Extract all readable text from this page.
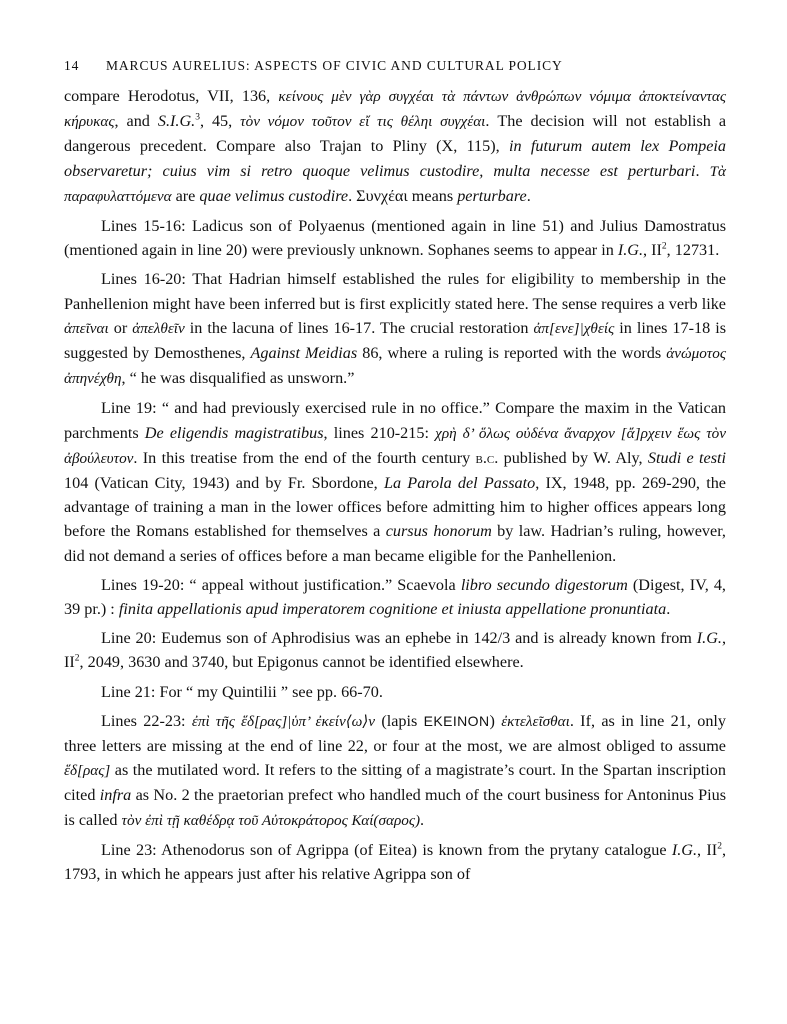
14 MARCUS AURELIUS: ASPECTS OF CIVIC AND CULTURAL POLICY

compare Herodotus, VII, 136, κείνους μὲν γὰρ συγχέαι τὰ πάντων ἀνθρώπων νόμιμα ἀποκτείναντας κήρυκας, and S.I.G.$^3$, 45, τὸν νόμον τοῦτον εἴ τις θέληι συγχέαι. The decision will not establish a dangerous precedent. Compare also Trajan to Pliny (X, 115), in futurum autem lex Pompeia observaretur; cuius vim si retro quoque velimus custodire, multa necesse est perturbari. Τὰ παραφυλαττόμενα are quae velimus custodire. Συνχέαι means perturbare.

Lines 15-16: Ladicus son of Polyaenus (mentioned again in line 51) and Julius Damostratus (mentioned again in line 20) were previously unknown. Sophanes seems to appear in I.G., $II^2$, 12731.

Lines 16-20: That Hadrian himself established the rules for eligibility to membership in the Panhellenion might have been inferred but is first explicitly stated here. The sense requires a verb like ἀπεῖναι or ἀπελθεῖν in the lacuna of lines 16-17. The crucial restoration ἀπ[ενε]|χθείς in lines 17-18 is suggested by Demosthenes, Against Meidias 86, where a ruling is reported with the words ἀνώμοτος ἀπηνέχθη, “ he was disqualified as unsworn.”

Line 19: “ and had previously exercised rule in no office.” Compare the maxim in the Vatican parchments De eligendis magistratibus, lines 210-215: χρὴ δ’ ὅλως οὐδένα ἄναρχον [ἄ]ρχειν ἕως τὸν ἀβούλευτον. In this treatise from the end of the fourth century b.c. published by W. Aly, Studi e testi 104 (Vatican City, 1943) and by Fr. Sbordone, La Parola del Passato, IX, 1948, pp. 269-290, the advantage of training a man in the lower offices before admitting him to higher offices appears long before the Romans established for themselves a cursus honorum by law. Hadrian’s ruling, however, did not demand a series of offices before a man became eligible for the Panhellenion.

Lines 19-20: “ appeal without justification.” Scaevola libro secundo digestorum (Digest, IV, 4, 39 pr.) : finita appellationis apud imperatorem cognitione et iniusta appellatione pronuntiata.

Line 20: Eudemus son of Aphrodisius was an ephebe in 142/3 and is already known from I.G., $II^2$, 2049, 3630 and 3740, but Epigonus cannot be identified elsewhere.

Line 21: For “ my Quintilii ” see pp. 66-70.

Lines 22-23: ἐπὶ τῆς ἕδ[ρας]|ὑπ’ ἐκείν⟨ω⟩ν (lapis EKEINON) ἐκτελεῖσθαι. If, as in line 21, only three letters are missing at the end of line 22, or four at the most, we are almost obliged to assume ἕδ[ρας] as the mutilated word. It refers to the sitting of a magistrate’s court. In the Spartan inscription cited infra as No. 2 the praetorian prefect who handled much of the court business for Antoninus Pius is called τὸν ἐπὶ τῇ καθέδρᾳ τοῦ Αὐτοκράτορος Καί(σαρος).

Line 23: Athenodorus son of Agrippa (of Eitea) is known from the prytany catalogue I.G., $II^2$, 1793, in which he appears just after his relative Agrippa son of
